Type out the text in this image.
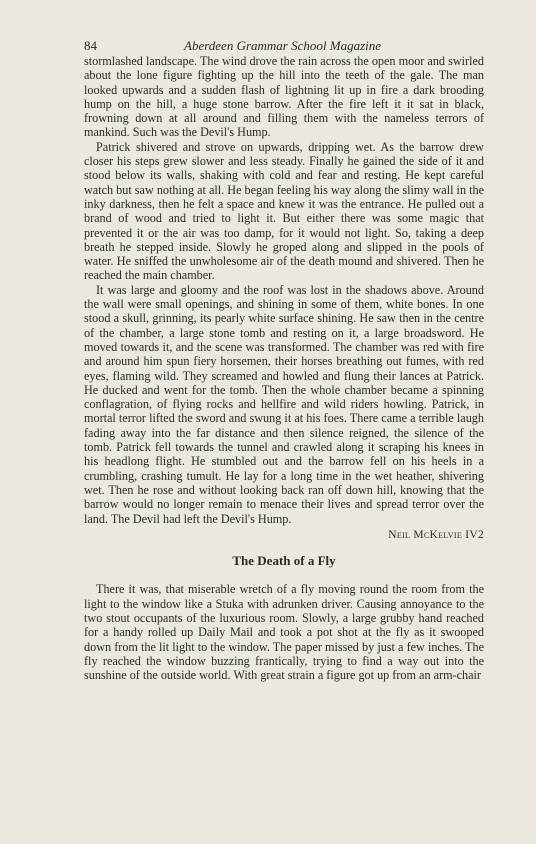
84	Aberdeen Grammar School Magazine

stormlashed landscape. The wind drove the rain across the open moor and swirled about the lone figure fighting up the hill into the teeth of the gale. The man looked upwards and a sudden flash of lightning lit up in fire a dark brooding hump on the hill, a huge stone barrow. After the fire left it it sat in black, frowning down at all around and filling them with the nameless terrors of mankind. Such was the Devil's Hump.

Patrick shivered and strove on upwards, dripping wet. As the barrow drew closer his steps grew slower and less steady. Finally he gained the side of it and stood below its walls, shaking with cold and fear and resting. He kept careful watch but saw nothing at all. He began feeling his way along the slimy wall in the inky darkness, then he felt a space and knew it was the entrance. He pulled out a brand of wood and tried to light it. But either there was some magic that prevented it or the air was too damp, for it would not light. So, taking a deep breath he stepped inside. Slowly he groped along and slipped in the pools of water. He sniffed the unwholesome air of the death mound and shivered. Then he reached the main chamber.

It was large and gloomy and the roof was lost in the shadows above. Around the wall were small openings, and shining in some of them, white bones. In one stood a skull, grinning, its pearly white surface shining. He saw then in the centre of the chamber, a large stone tomb and resting on it, a large broadsword. He moved towards it, and the scene was transformed. The chamber was red with fire and around him spun fiery horsemen, their horses breathing out fumes, with red eyes, flaming wild. They screamed and howled and flung their lances at Patrick. He ducked and went for the tomb. Then the whole chamber became a spinning conflagration, of flying rocks and hellfire and wild riders howling. Patrick, in mortal terror lifted the sword and swung it at his foes. There came a terrible laugh fading away into the far distance and then silence reigned, the silence of the tomb. Patrick fell towards the tunnel and crawled along it scraping his knees in his headlong flight. He stumbled out and the barrow fell on his heels in a crumbling, crashing tumult. He lay for a long time in the wet heather, shivering wet. Then he rose and without looking back ran off down hill, knowing that the barrow would no longer remain to menace their lives and spread terror over the land. The Devil had left the Devil's Hump.

Neil McKelvie IV2
The Death of a Fly

There it was, that miserable wretch of a fly moving round the room from the light to the window like a Stuka with adrunken driver. Causing annoyance to the two stout occupants of the luxurious room. Slowly, a large grubby hand reached for a handy rolled up Daily Mail and took a pot shot at the fly as it swooped down from the lit light to the window. The paper missed by just a few inches. The fly reached the window buzzing frantically, trying to find a way out into the sunshine of the outside world. With great strain a figure got up from an arm-chair
